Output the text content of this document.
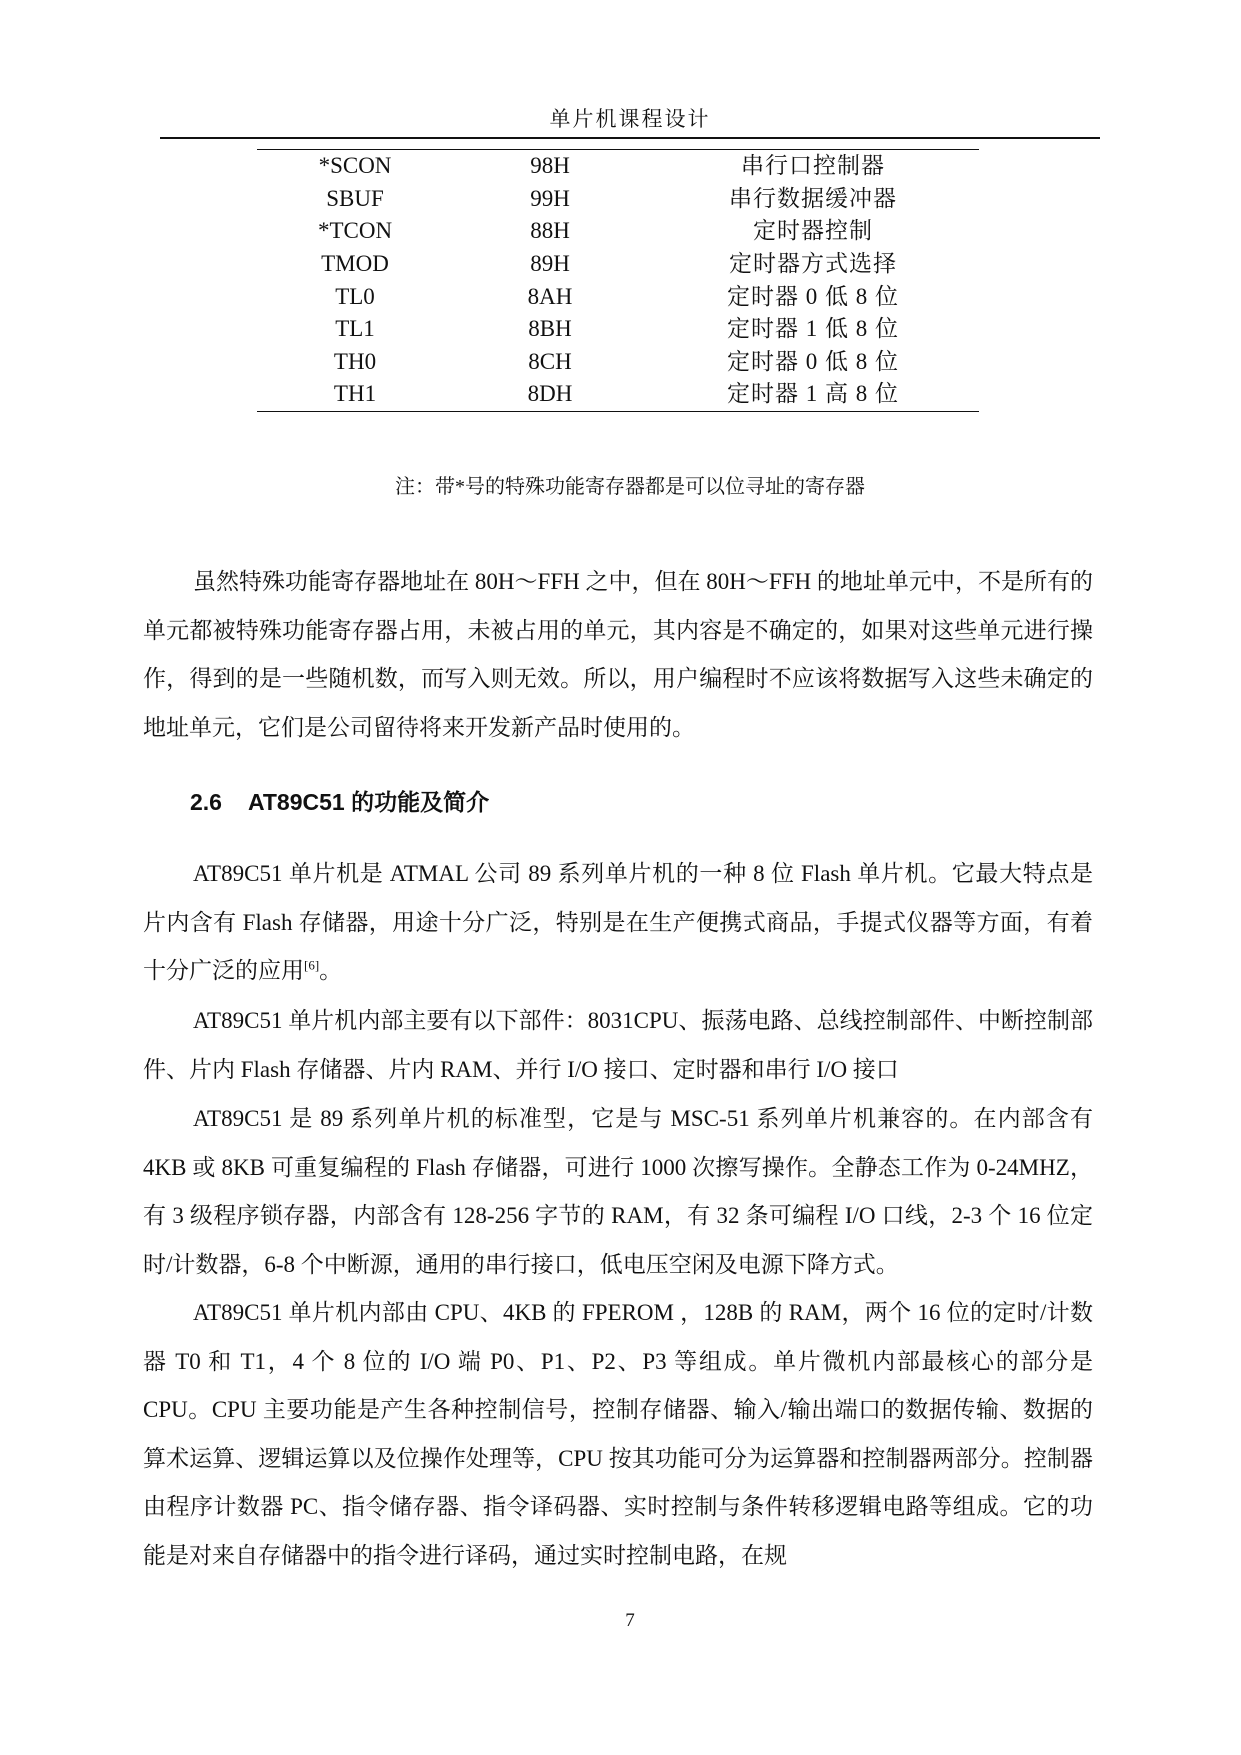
单片机课程设计
*SCON	98H	串行口控制器
SBUF	99H	串行数据缓冲器
*TCON	88H	定时器控制
TMOD	89H	定时器方式选择
TL0	8AH	定时器 0 低 8 位
TL1	8BH	定时器 1 低 8 位
TH0	8CH	定时器 0 低 8 位
TH1	8DH	定时器 1 高 8 位
注：带*号的特殊功能寄存器都是可以位寻址的寄存器

虽然特殊功能寄存器地址在 80H～FFH 之中，但在 80H～FFH 的地址单元中，不是所有的单元都被特殊功能寄存器占用，未被占用的单元，其内容是不确定的，如果对这些单元进行操作，得到的是一些随机数，而写入则无效。所以，用户编程时不应该将数据写入这些未确定的地址单元，它们是公司留待将来开发新产品时使用的。

2.6 AT89C51 的功能及简介

AT89C51 单片机是 ATMAL 公司 89 系列单片机的一种 8 位 Flash 单片机。它最大特点是片内含有 Flash 存储器，用途十分广泛，特别是在生产便携式商品，手提式仪器等方面，有着十分广泛的应用[6]。

AT89C51 单片机内部主要有以下部件：8031CPU、振荡电路、总线控制部件、中断控制部件、片内 Flash 存储器、片内 RAM、并行 I/O 接口、定时器和串行 I/O 接口

AT89C51 是 89 系列单片机的标准型，它是与 MSC-51 系列单片机兼容的。在内部含有 4KB 或 8KB 可重复编程的 Flash 存储器，可进行 1000 次擦写操作。全静态工作为 0-24MHZ，有 3 级程序锁存器，内部含有 128-256 字节的 RAM，有 32 条可编程 I/O 口线，2-3 个 16 位定时/计数器，6-8 个中断源，通用的串行接口，低电压空闲及电源下降方式。

AT89C51 单片机内部由 CPU、4KB 的 FPEROM ，128B 的 RAM，两个 16 位的定时/计数器 T0 和 T1，4 个 8 位的 I/O 端 P0、P1、P2、P3 等组成。单片微机内部最核心的部分是 CPU。CPU 主要功能是产生各种控制信号，控制存储器、输入/输出端口的数据传输、数据的算术运算、逻辑运算以及位操作处理等，CPU 按其功能可分为运算器和控制器两部分。控制器由程序计数器 PC、指令储存器、指令译码器、实时控制与条件转移逻辑电路等组成。它的功能是对来自存储器中的指令进行译码，通过实时控制电路，在规

7
